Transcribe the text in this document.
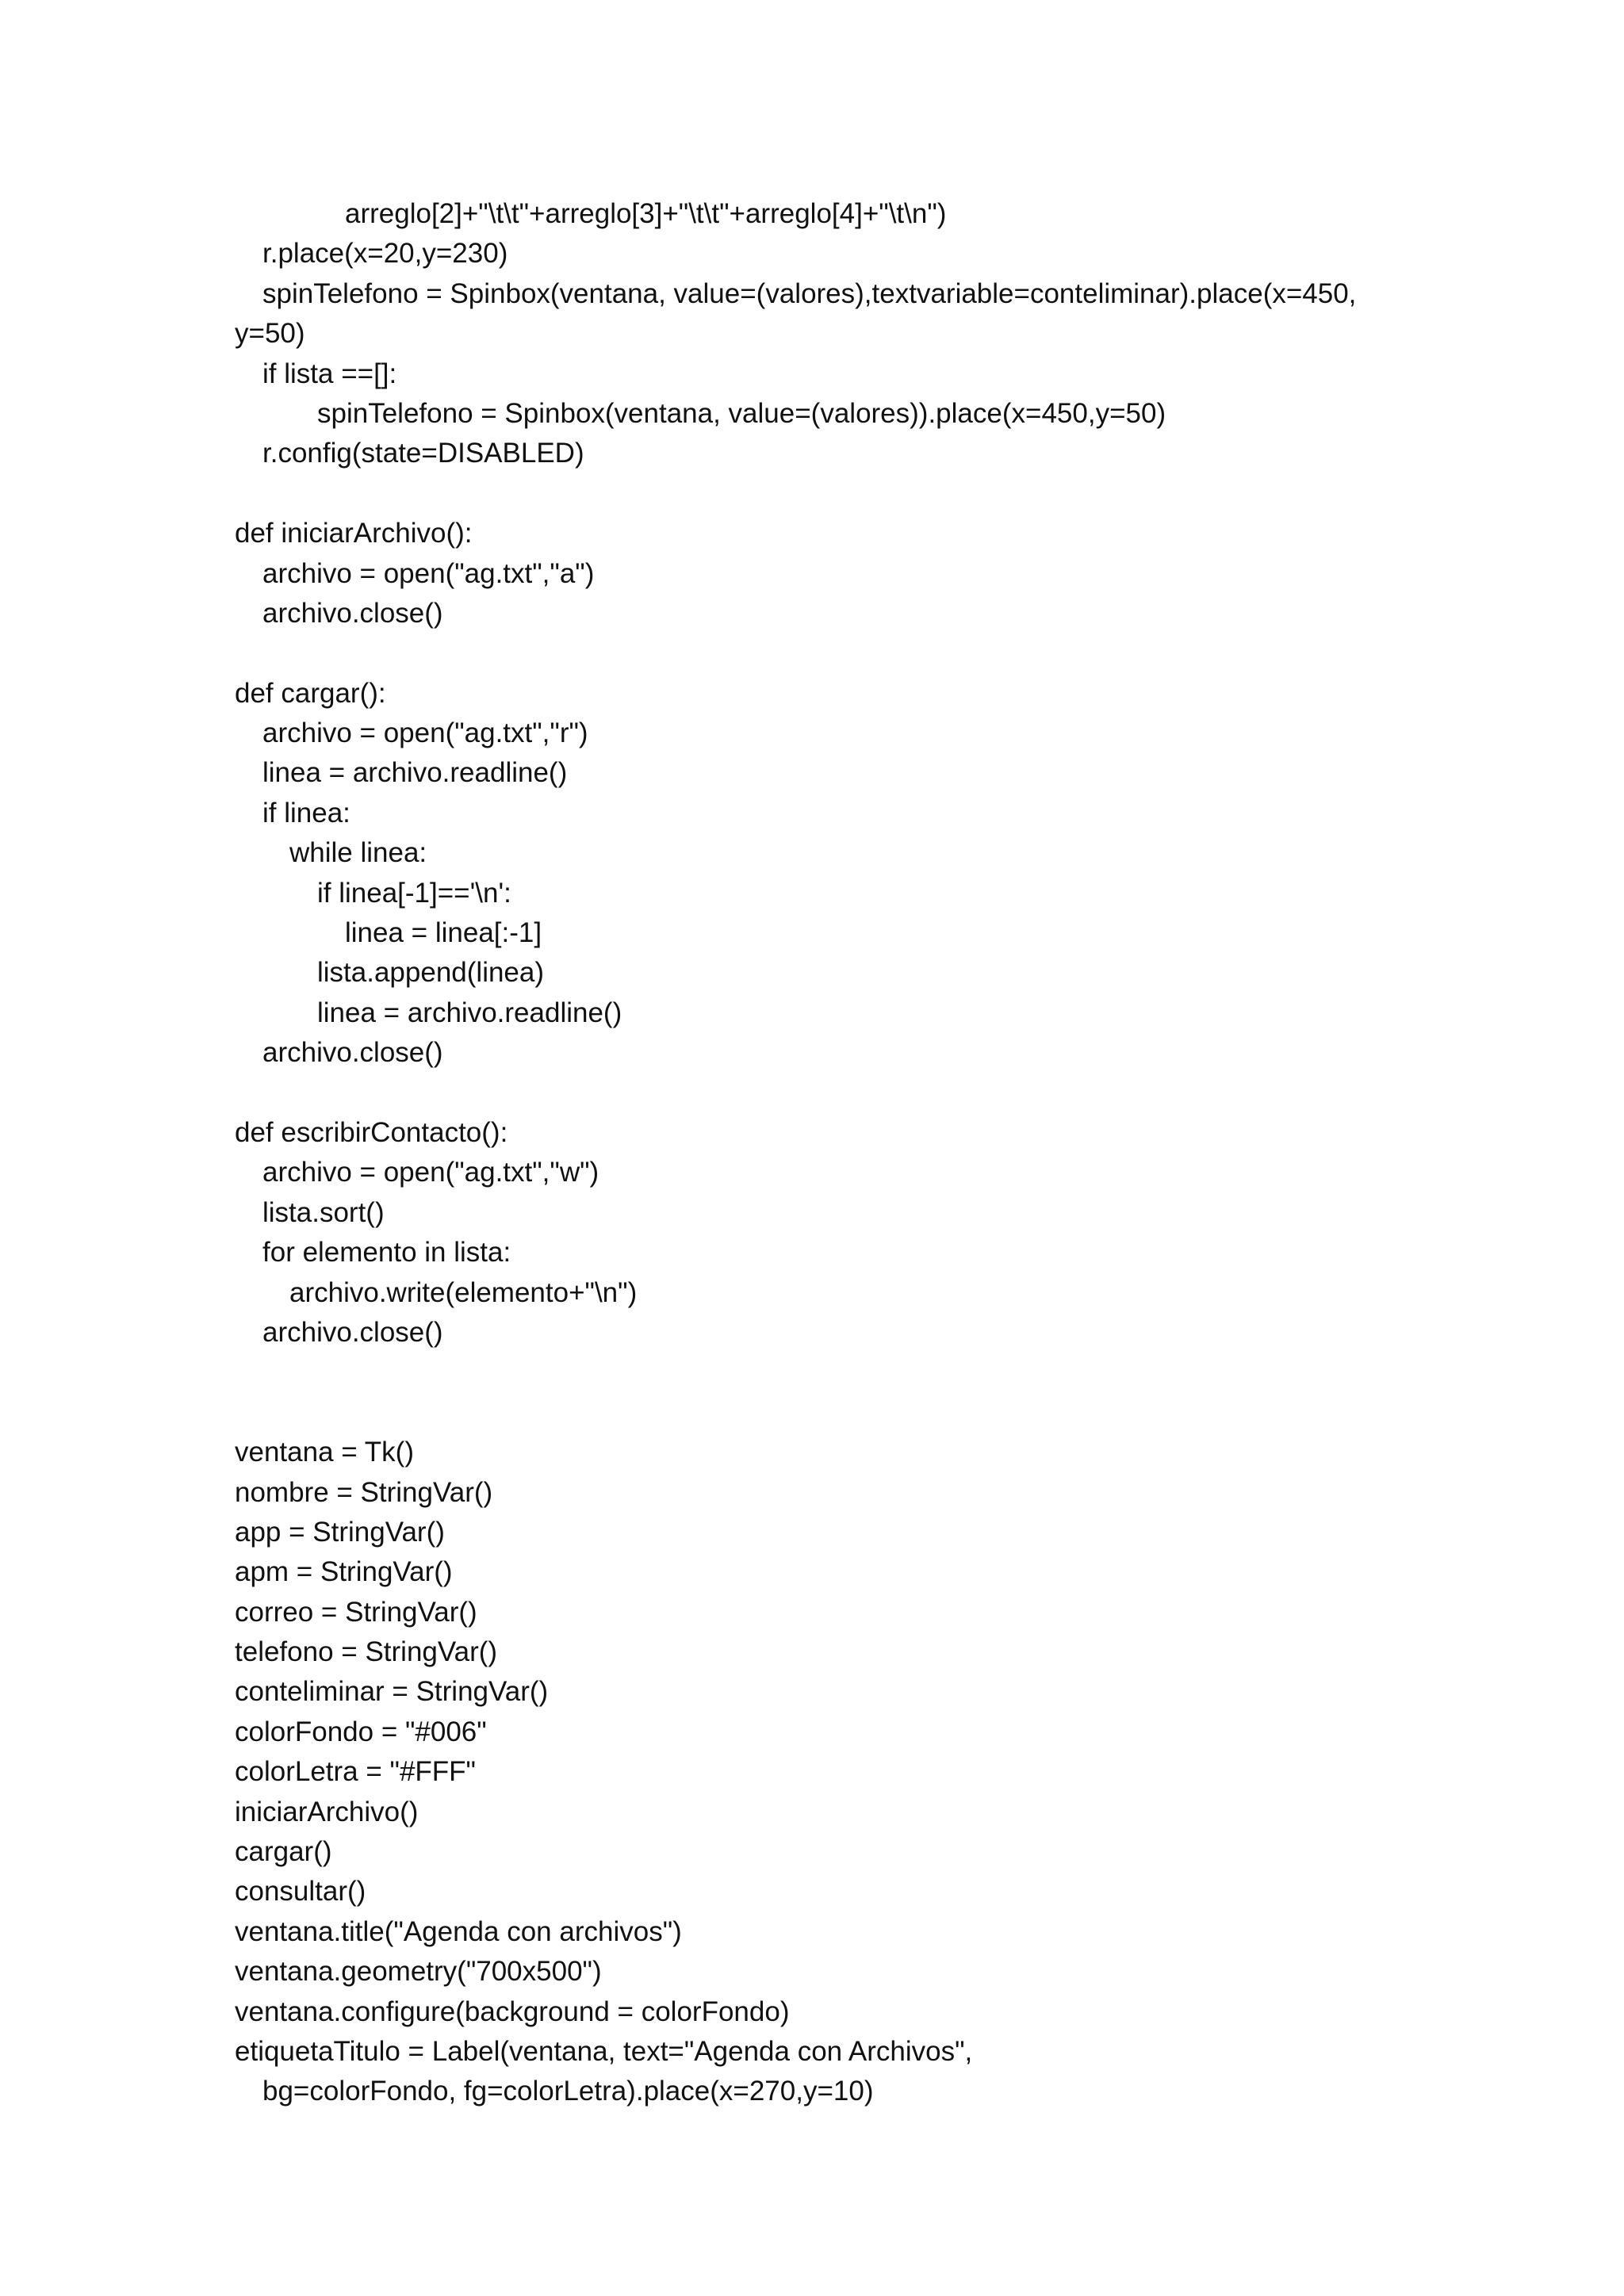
arreglo[2]+"\t\t"+arreglo[3]+"\t\t"+arreglo[4]+"\t\n")
r.place(x=20,y=230)
spinTelefono = Spinbox(ventana, value=(valores),textvariable=conteliminar).place(x=450,
y=50)
if lista ==[]:
spinTelefono = Spinbox(ventana, value=(valores)).place(x=450,y=50)
r.config(state=DISABLED)
def iniciarArchivo():
archivo = open("ag.txt","a")
archivo.close()
def cargar():
archivo = open("ag.txt","r")
linea = archivo.readline()
if linea:
while linea:
if linea[-1]=='\n':
linea = linea[:-1]
lista.append(linea)
linea = archivo.readline()
archivo.close()
def escribirContacto():
archivo = open("ag.txt","w")
lista.sort()
for elemento in lista:
archivo.write(elemento+"\n")
archivo.close()
ventana = Tk()
nombre = StringVar()
app = StringVar()
apm = StringVar()
correo = StringVar()
telefono = StringVar()
conteliminar = StringVar()
colorFondo = "#006"
colorLetra = "#FFF"
iniciarArchivo()
cargar()
consultar()
ventana.title("Agenda con archivos")
ventana.geometry("700x500")
ventana.configure(background = colorFondo)
etiquetaTitulo = Label(ventana, text="Agenda con Archivos",
bg=colorFondo, fg=colorLetra).place(x=270,y=10)
